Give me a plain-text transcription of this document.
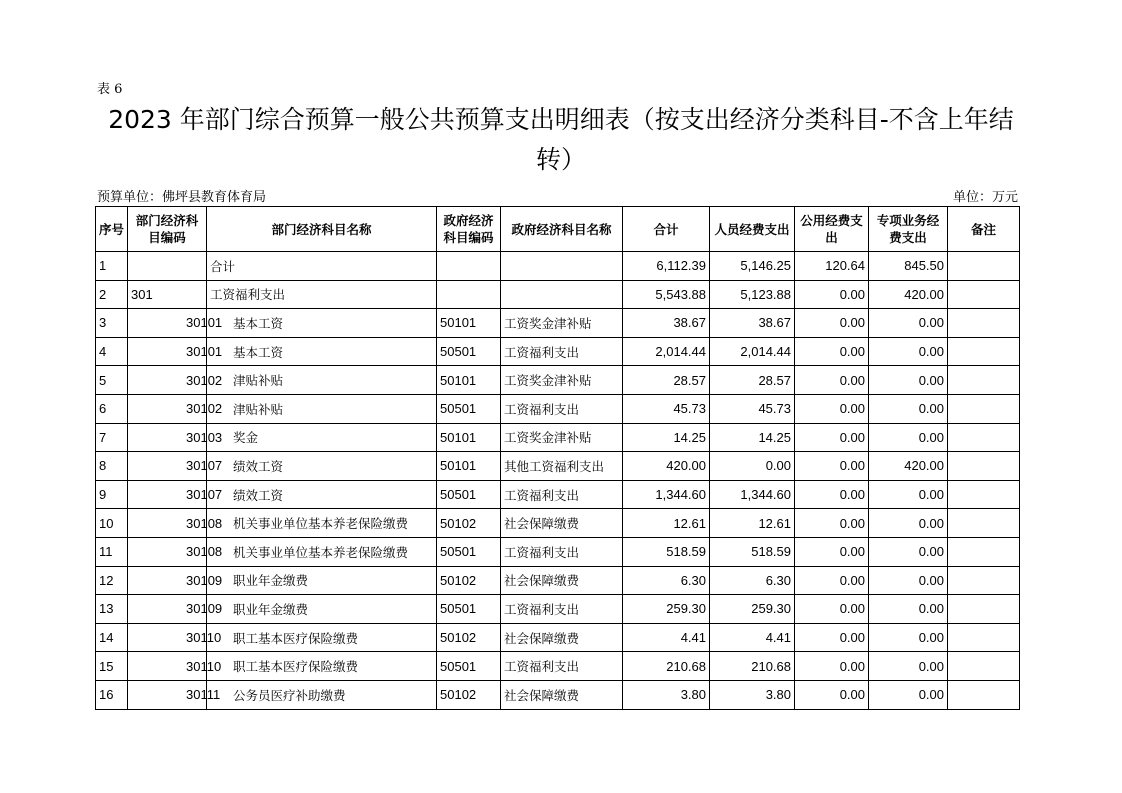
表 6
2023 年部门综合预算一般公共预算支出明细表（按支出经济分类科目-不含上年结转）
预算单位：佛坪县教育体育局	单位：万元
序号	部门经济科目编码	部门经济科目名称	政府经济科目编码	政府经济科目名称	合计	人员经费支出	公用经费支出	专项业务经费支出	备注
1		合计			6,112.39	5,146.25	120.64	845.50	
2	301	工资福利支出			5,543.88	5,123.88	0.00	420.00	
3	30101	基本工资	50101	工资奖金津补贴	38.67	38.67	0.00	0.00	
4	30101	基本工资	50501	工资福利支出	2,014.44	2,014.44	0.00	0.00	
5	30102	津贴补贴	50101	工资奖金津补贴	28.57	28.57	0.00	0.00	
6	30102	津贴补贴	50501	工资福利支出	45.73	45.73	0.00	0.00	
7	30103	奖金	50101	工资奖金津补贴	14.25	14.25	0.00	0.00	
8	30107	绩效工资	50101	其他工资福利支出	420.00	0.00	0.00	420.00	
9	30107	绩效工资	50501	工资福利支出	1,344.60	1,344.60	0.00	0.00	
10	30108	机关事业单位基本养老保险缴费	50102	社会保障缴费	12.61	12.61	0.00	0.00	
11	30108	机关事业单位基本养老保险缴费	50501	工资福利支出	518.59	518.59	0.00	0.00	
12	30109	职业年金缴费	50102	社会保障缴费	6.30	6.30	0.00	0.00	
13	30109	职业年金缴费	50501	工资福利支出	259.30	259.30	0.00	0.00	
14	30110	职工基本医疗保险缴费	50102	社会保障缴费	4.41	4.41	0.00	0.00	
15	30110	职工基本医疗保险缴费	50501	工资福利支出	210.68	210.68	0.00	0.00	
16	30111	公务员医疗补助缴费	50102	社会保障缴费	3.80	3.80	0.00	0.00	
